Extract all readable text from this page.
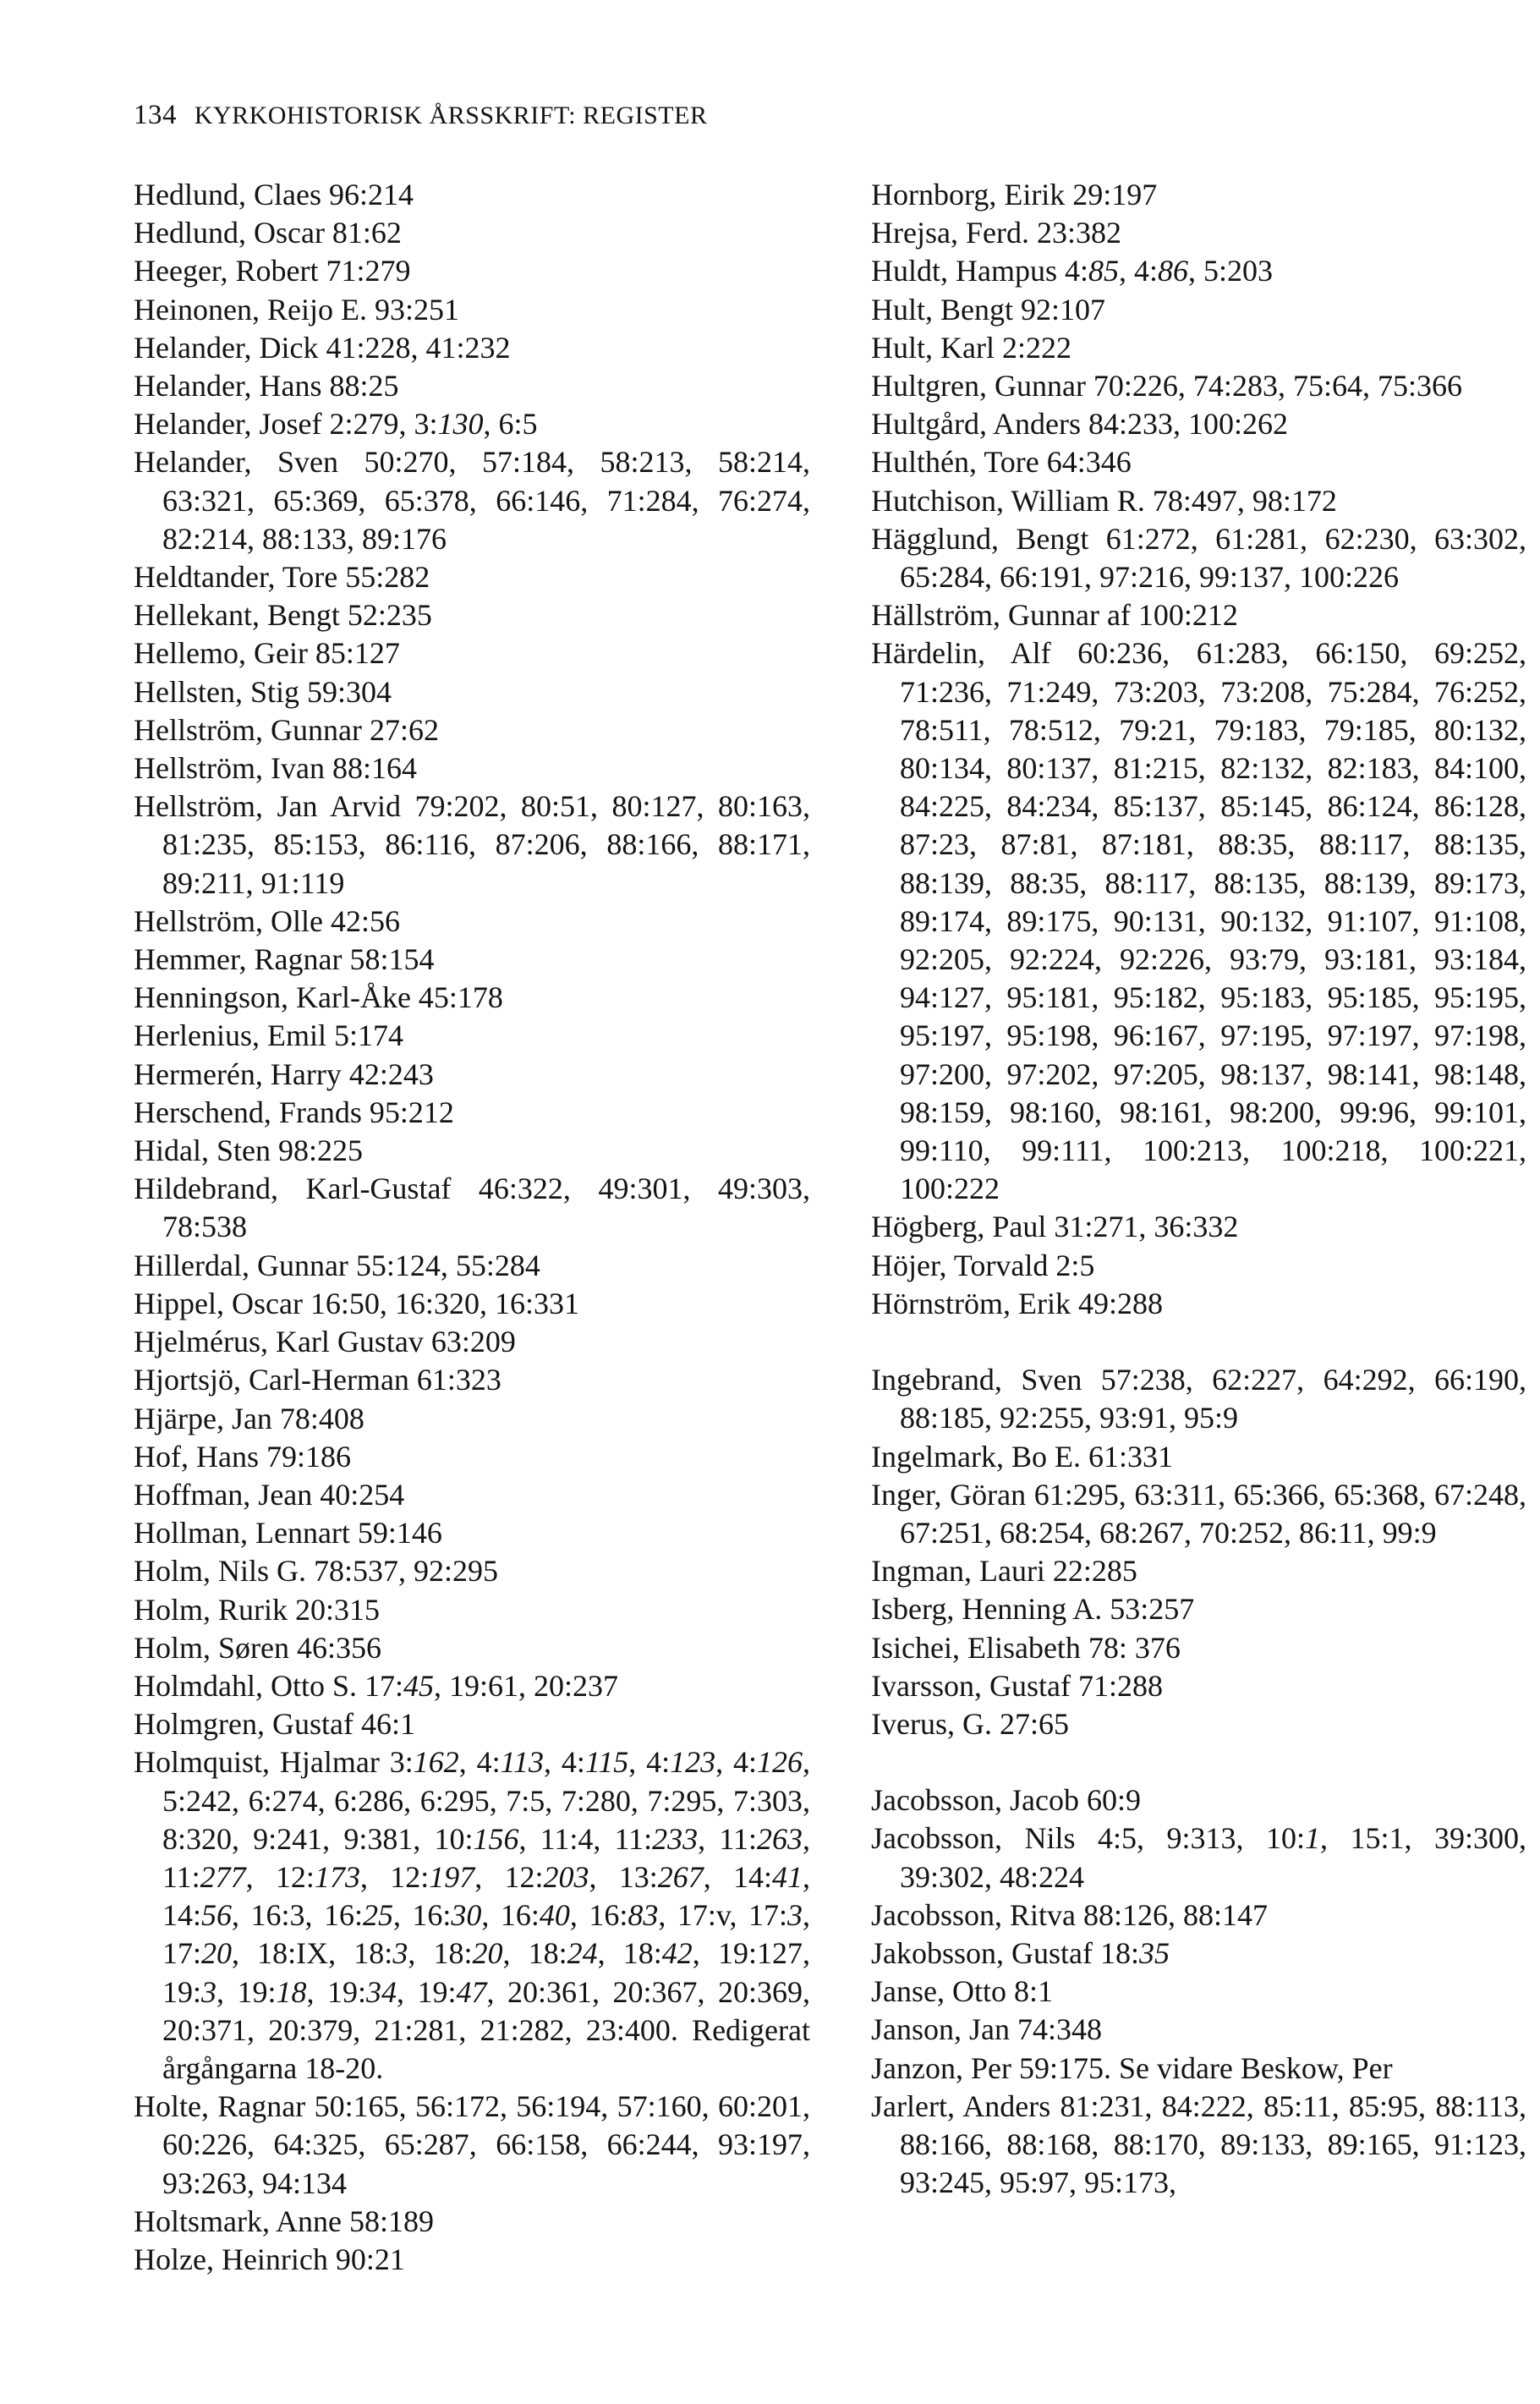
134 KYRKOHISTORISK ÅRSSKRIFT: REGISTER
Hedlund, Claes 96:214
Hedlund, Oscar 81:62
Heeger, Robert 71:279
Heinonen, Reijo E. 93:251
Helander, Dick 41:228, 41:232
Helander, Hans 88:25
Helander, Josef 2:279, 3:130, 6:5
Helander, Sven 50:270, 57:184, 58:213, 58:214, 63:321, 65:369, 65:378, 66:146, 71:284, 76:274, 82:214, 88:133, 89:176
Heldtander, Tore 55:282
Hellekant, Bengt 52:235
Hellemo, Geir 85:127
Hellsten, Stig 59:304
Hellström, Gunnar 27:62
Hellström, Ivan 88:164
Hellström, Jan Arvid 79:202, 80:51, 80:127, 80:163, 81:235, 85:153, 86:116, 87:206, 88:166, 88:171, 89:211, 91:119
Hellström, Olle 42:56
Hemmer, Ragnar 58:154
Henningson, Karl-Åke 45:178
Herlenius, Emil 5:174
Hermerén, Harry 42:243
Herschend, Frands 95:212
Hidal, Sten 98:225
Hildebrand, Karl-Gustaf 46:322, 49:301, 49:303, 78:538
Hillerdal, Gunnar 55:124, 55:284
Hippel, Oscar 16:50, 16:320, 16:331
Hjelmérus, Karl Gustav 63:209
Hjortsjö, Carl-Herman 61:323
Hjärpe, Jan 78:408
Hof, Hans 79:186
Hoffman, Jean 40:254
Hollman, Lennart 59:146
Holm, Nils G. 78:537, 92:295
Holm, Rurik 20:315
Holm, Søren 46:356
Holmdahl, Otto S. 17:45, 19:61, 20:237
Holmgren, Gustaf 46:1
Holmquist, Hjalmar 3:162, 4:113, 4:115, 4:123, 4:126, 5:242, 6:274, 6:286, 6:295, 7:5, 7:280, 7:295, 7:303, 8:320, 9:241, 9:381, 10:156, 11:4, 11:233, 11:263, 11:277, 12:173, 12:197, 12:203, 13:267, 14:41, 14:56, 16:3, 16:25, 16:30, 16:40, 16:83, 17:v, 17:3, 17:20, 18:IX, 18:3, 18:20, 18:24, 18:42, 19:127, 19:3, 19:18, 19:34, 19:47, 20:361, 20:367, 20:369, 20:371, 20:379, 21:281, 21:282, 23:400. Redigerat årgångarna 18-20.
Holte, Ragnar 50:165, 56:172, 56:194, 57:160, 60:201, 60:226, 64:325, 65:287, 66:158, 66:244, 93:197, 93:263, 94:134
Holtsmark, Anne 58:189
Holze, Heinrich 90:21
Hornborg, Eirik 29:197
Hrejsa, Ferd. 23:382
Huldt, Hampus 4:85, 4:86, 5:203
Hult, Bengt 92:107
Hult, Karl 2:222
Hultgren, Gunnar 70:226, 74:283, 75:64, 75:366
Hultgård, Anders 84:233, 100:262
Hulthén, Tore 64:346
Hutchison, William R. 78:497, 98:172
Hägglund, Bengt 61:272, 61:281, 62:230, 63:302, 65:284, 66:191, 97:216, 99:137, 100:226
Hällström, Gunnar af 100:212
Härdelin, Alf 60:236, 61:283, 66:150, 69:252, 71:236, 71:249, 73:203, 73:208, 75:284, 76:252, 78:511, 78:512, 79:21, 79:183, 79:185, 80:132, 80:134, 80:137, 81:215, 82:132, 82:183, 84:100, 84:225, 84:234, 85:137, 85:145, 86:124, 86:128, 87:23, 87:81, 87:181, 88:35, 88:117, 88:135, 88:139, 88:35, 88:117, 88:135, 88:139, 89:173, 89:174, 89:175, 90:131, 90:132, 91:107, 91:108, 92:205, 92:224, 92:226, 93:79, 93:181, 93:184, 94:127, 95:181, 95:182, 95:183, 95:185, 95:195, 95:197, 95:198, 96:167, 97:195, 97:197, 97:198, 97:200, 97:202, 97:205, 98:137, 98:141, 98:148, 98:159, 98:160, 98:161, 98:200, 99:96, 99:101, 99:110, 99:111, 100:213, 100:218, 100:221, 100:222
Högberg, Paul 31:271, 36:332
Höjer, Torvald 2:5
Hörnström, Erik 49:288
Ingebrand, Sven 57:238, 62:227, 64:292, 66:190, 88:185, 92:255, 93:91, 95:9
Ingelmark, Bo E. 61:331
Inger, Göran 61:295, 63:311, 65:366, 65:368, 67:248, 67:251, 68:254, 68:267, 70:252, 86:11, 99:9
Ingman, Lauri 22:285
Isberg, Henning A. 53:257
Isichei, Elisabeth 78: 376
Ivarsson, Gustaf 71:288
Iverus, G. 27:65
Jacobsson, Jacob 60:9
Jacobsson, Nils 4:5, 9:313, 10:1, 15:1, 39:300, 39:302, 48:224
Jacobsson, Ritva 88:126, 88:147
Jakobsson, Gustaf 18:35
Janse, Otto 8:1
Janson, Jan 74:348
Janzon, Per 59:175. Se vidare Beskow, Per
Jarlert, Anders 81:231, 84:222, 85:11, 85:95, 88:113, 88:166, 88:168, 88:170, 89:133, 89:165, 91:123, 93:245, 95:97, 95:173,
